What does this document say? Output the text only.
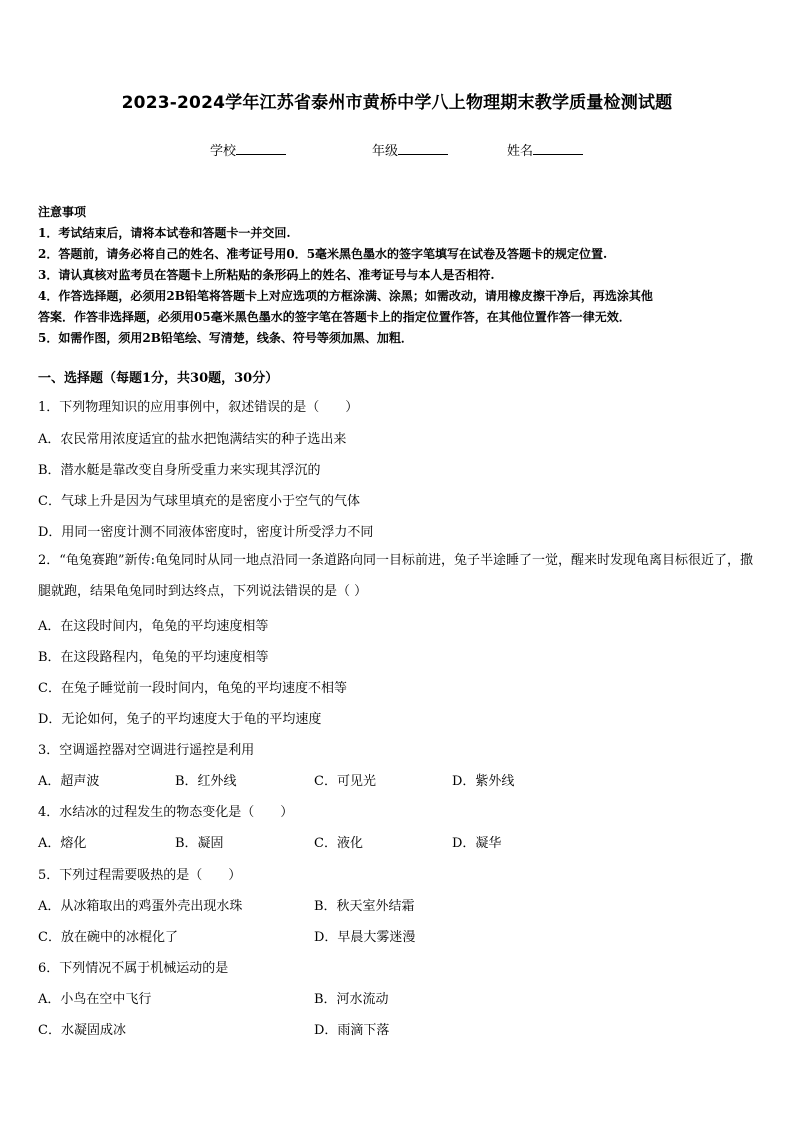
2023-2024学年江苏省泰州市黄桥中学八上物理期末教学质量检测试题
学校	年级	姓名
注意事项
1．考试结束后，请将本试卷和答题卡一并交回.
2．答题前，请务必将自己的姓名、准考证号用0．5毫米黑色墨水的签字笔填写在试卷及答题卡的规定位置.
3．请认真核对监考员在答题卡上所粘贴的条形码上的姓名、准考证号与本人是否相符.
4．作答选择题，必须用2B铅笔将答题卡上对应选项的方框涂满、涂黑；如需改动，请用橡皮擦干净后，再选涂其他
答案．作答非选择题，必须用05毫米黑色墨水的签字笔在答题卡上的指定位置作答，在其他位置作答一律无效．
5．如需作图，须用2B铅笔绘、写清楚，线条、符号等须加黑、加粗．
一、选择题（每题1分，共30题，30分）
1．下列物理知识的应用事例中，叙述错误的是（　　）
A．农民常用浓度适宜的盐水把饱满结实的种子选出来
B．潜水艇是靠改变自身所受重力来实现其浮沉的
C．气球上升是因为气球里填充的是密度小于空气的气体
D．用同一密度计测不同液体密度时，密度计所受浮力不同
2．“龟兔赛跑”新传:龟兔同时从同一地点沿同一条道路向同一目标前进，兔子半途睡了一觉，醒来时发现龟离目标很近了，撒腿就跑，结果龟兔同时到达终点，下列说法错误的是（ ）
A．在这段时间内，龟兔的平均速度相等
B．在这段路程内，龟兔的平均速度相等
C．在兔子睡觉前一段时间内，龟兔的平均速度不相等
D．无论如何，兔子的平均速度大于龟的平均速度
3．空调遥控器对空调进行遥控是利用
A．超声波	B．红外线	C．可见光	D．紫外线
4．水结冰的过程发生的物态变化是（　　）
A．熔化	B．凝固	C．液化	D．凝华
5．下列过程需要吸热的是（　　）
A．从冰箱取出的鸡蛋外壳出现水珠	B．秋天室外结霜
C．放在碗中的冰棍化了	D．早晨大雾迷漫
6．下列情况不属于机械运动的是
A．小鸟在空中飞行	B．河水流动
C．水凝固成冰	D．雨滴下落
